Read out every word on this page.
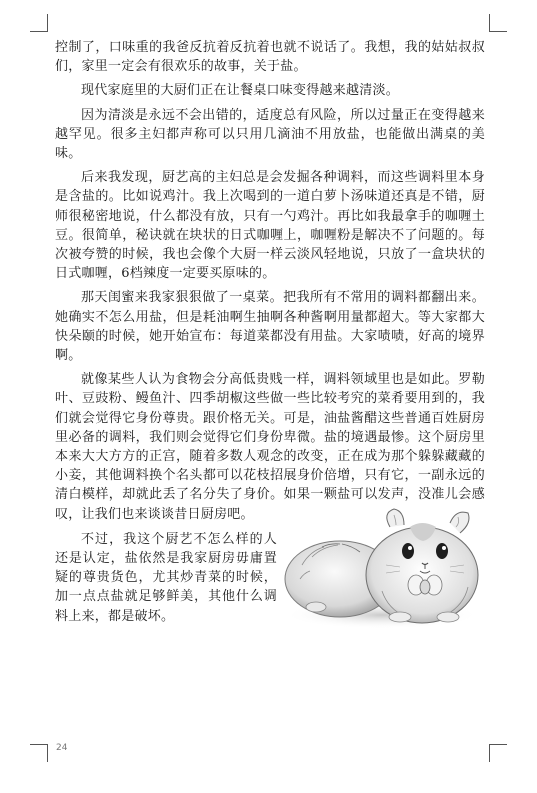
控制了，口味重的我爸反抗着反抗着也就不说话了。我想，我的姑姑叔叔们，家里一定会有很欢乐的故事，关于盐。

现代家庭里的大厨们正在让餐桌口味变得越来越清淡。

因为清淡是永远不会出错的，适度总有风险，所以过量正在变得越来越罕见。很多主妇都声称可以只用几滴油不用放盐，也能做出满桌的美味。

后来我发现，厨艺高的主妇总是会发掘各种调料，而这些调料里本身是含盐的。比如说鸡汁。我上次喝到的一道白萝卜汤味道还真是不错，厨师很秘密地说，什么都没有放，只有一勺鸡汁。再比如我最拿手的咖喱土豆。很简单，秘诀就在块状的日式咖喱上，咖喱粉是解决不了问题的。每次被夸赞的时候，我也会像个大厨一样云淡风轻地说，只放了一盒块状的日式咖喱，6档辣度一定要买原味的。

那天闺蜜来我家狠狠做了一桌菜。把我所有不常用的调料都翻出来。她确实不怎么用盐，但是耗油啊生抽啊各种酱啊用量都超大。等大家都大快朵颐的时候，她开始宣布：每道菜都没有用盐。大家啧啧，好高的境界啊。

就像某些人认为食物会分高低贵贱一样，调料领域里也是如此。罗勒叶、豆豉粉、鳗鱼汁、四季胡椒这些做一些比较考究的菜肴要用到的，我们就会觉得它身份尊贵。跟价格无关。可是，油盐酱醋这些普通百姓厨房里必备的调料，我们则会觉得它们身份卑微。盐的境遇最惨。这个厨房里本来大大方方的正宫，随着多数人观念的改变，正在成为那个躲躲藏藏的小妾，其他调料换个名头都可以花枝招展身价倍增，只有它，一副永远的清白模样，却就此丢了名分失了身价。如果一颗盐可以发声，没准儿会感叹，让我们也来谈谈昔日厨房吧。

不过，我这个厨艺不怎么样的人还是认定，盐依然是我家厨房毋庸置疑的尊贵货色，尤其炒青菜的时候，加一点点盐就足够鲜美，其他什么调料上来，都是破坏。

24
